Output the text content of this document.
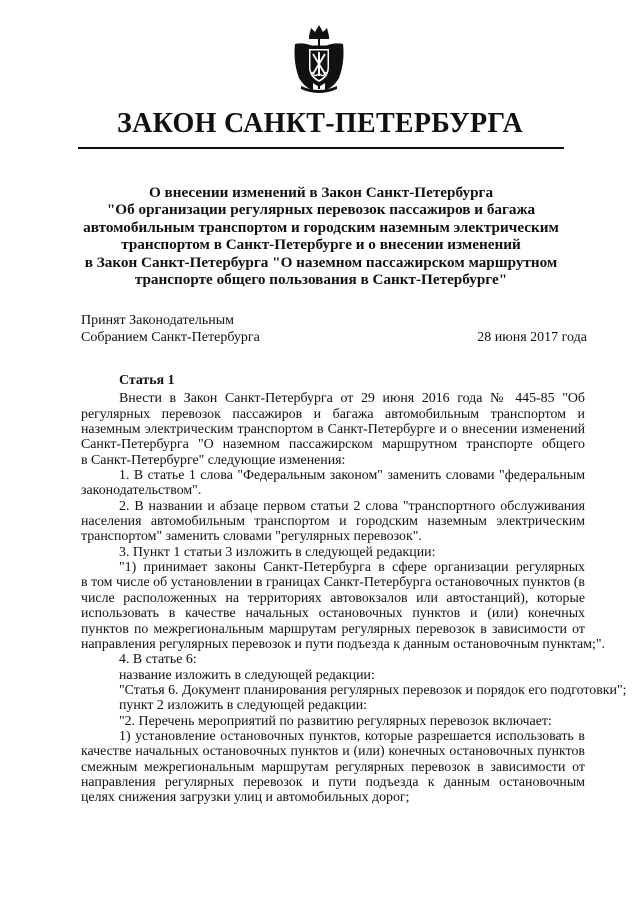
ЗАКОН САНКТ-ПЕТЕРБУРГА
О внесении изменений в Закон Санкт-Петербурга
"Об организации регулярных перевозок пассажиров и багажа
автомобильным транспортом и городским наземным электрическим
транспортом в Санкт-Петербурге и о внесении изменений
в Закон Санкт-Петербурга "О наземном пассажирском маршрутном
транспорте общего пользования в Санкт-Петербурге"
Принят Законодательным
Собранием Санкт-Петербурга	28 июня 2017 года
Статья 1
Внести в Закон Санкт-Петербурга от 29 июня 2016 года № 445-85 "Об
регулярных перевозок пассажиров и багажа автомобильным транспортом и
наземным электрическим транспортом в Санкт-Петербурге и о внесении изменений
Санкт-Петербурга "О наземном пассажирском маршрутном транспорте общего
в Санкт-Петербурге" следующие изменения:
1. В статье 1 слова "Федеральным законом" заменить словами "федеральным
законодательством".
2. В названии и абзаце первом статьи 2 слова "транспортного обслуживания
населения автомобильным транспортом и городским наземным электрическим
транспортом" заменить словами "регулярных перевозок".
3. Пункт 1 статьи 3 изложить в следующей редакции:
"1) принимает законы Санкт-Петербурга в сфере организации регулярных
в том числе об установлении в границах Санкт-Петербурга остановочных пунктов (в
числе расположенных на территориях автовокзалов или автостанций), которые
использовать в качестве начальных остановочных пунктов и (или) конечных
пунктов по межрегиональным маршрутам регулярных перевозок в зависимости от
направления регулярных перевозок и пути подъезда к данным остановочным пунктам;".
4. В статье 6:
название изложить в следующей редакции:
"Статья 6. Документ планирования регулярных перевозок и порядок его подготовки";
пункт 2 изложить в следующей редакции:
"2. Перечень мероприятий по развитию регулярных перевозок включает:
1) установление остановочных пунктов, которые разрешается использовать в
качестве начальных остановочных пунктов и (или) конечных остановочных пунктов
смежным межрегиональным маршрутам регулярных перевозок в зависимости от
направления регулярных перевозок и пути подъезда к данным остановочным
целях снижения загрузки улиц и автомобильных дорог;
